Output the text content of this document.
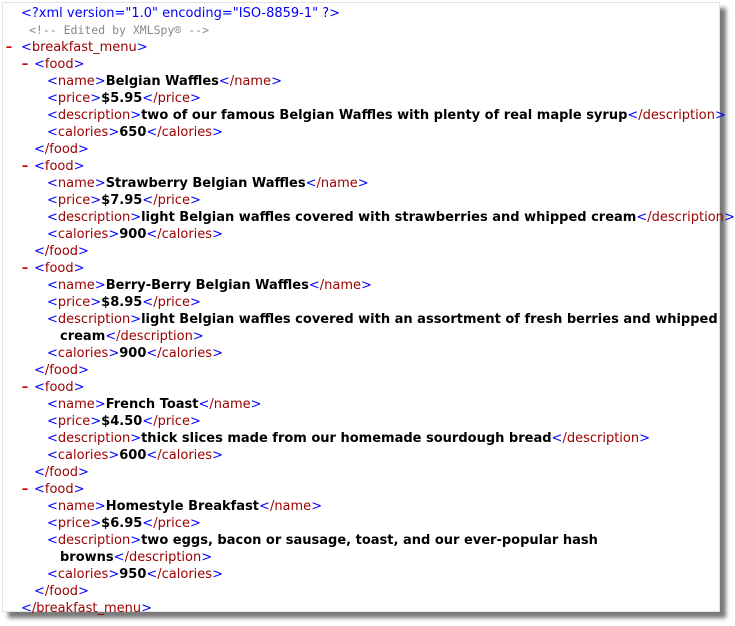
<?xml version="1.0" encoding="ISO-8859-1" ?>
<!-- Edited by XMLSpy® -->
– <breakfast_menu>
– <food>
<name>Belgian Waffles</name>
<price>$5.95</price>
<description>two of our famous Belgian Waffles with plenty of real maple syrup</description>
<calories>650</calories>
</food>
– <food>
<name>Strawberry Belgian Waffles</name>
<price>$7.95</price>
<description>light Belgian waffles covered with strawberries and whipped cream</description>
<calories>900</calories>
</food>
– <food>
<name>Berry-Berry Belgian Waffles</name>
<price>$8.95</price>
<description>light Belgian waffles covered with an assortment of fresh berries and whipped
cream</description>
<calories>900</calories>
</food>
– <food>
<name>French Toast</name>
<price>$4.50</price>
<description>thick slices made from our homemade sourdough bread</description>
<calories>600</calories>
</food>
– <food>
<name>Homestyle Breakfast</name>
<price>$6.95</price>
<description>two eggs, bacon or sausage, toast, and our ever-popular hash
browns</description>
<calories>950</calories>
</food>
</breakfast_menu>
